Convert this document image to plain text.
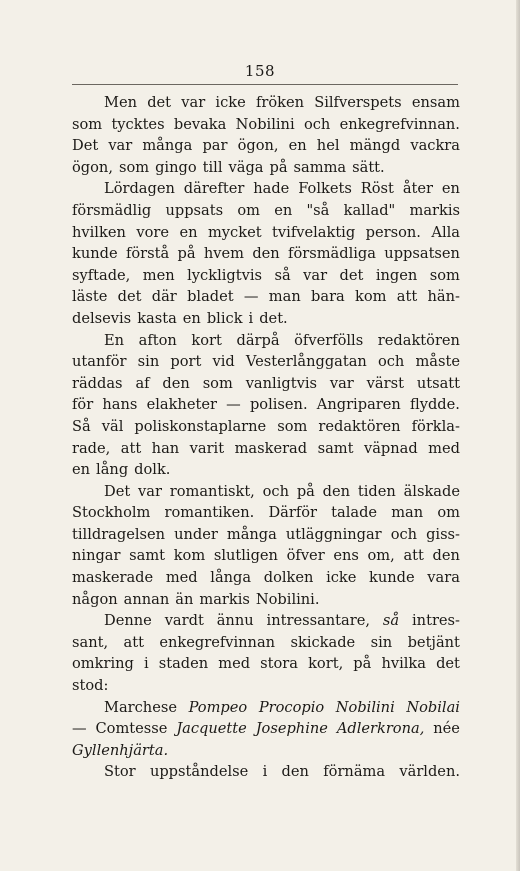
158
Men det var icke fröken Silfverspets ensam
som tycktes bevaka Nobilini och enkegrefvinnan.
Det var många par ögon, en hel mängd vackra
ögon, som gingo till väga på samma sätt.
Lördagen därefter hade Folkets Röst åter en
försmädlig uppsats om en "så kallad" markis
hvilken vore en mycket tvifvelaktig person. Alla
kunde förstå på hvem den försmädliga uppsatsen
syftade, men lyckligtvis så var det ingen som
läste det där bladet — man bara kom att hän-
delsevis kasta en blick i det.
En afton kort därpå öfverfölls redaktören
utanför sin port vid Vesterlånggatan och måste
räddas af den som vanligtvis var värst utsatt
för hans elakheter — polisen. Angriparen flydde.
Så väl poliskonstaplarne som redaktören förkla-
rade, att han varit maskerad samt väpnad med
en lång dolk.
Det var romantiskt, och på den tiden älskade
Stockholm romantiken. Därför talade man om
tilldragelsen under många utläggningar och giss-
ningar samt kom slutligen öfver ens om, att den
maskerade med långa dolken icke kunde vara
någon annan än markis Nobilini.
Denne vardt ännu intressantare, så intres-
sant, att enkegrefvinnan skickade sin betjänt
omkring i staden med stora kort, på hvilka det
stod:
Marchese Pompeo Procopio Nobilini Nobilai
— Comtesse Jacquette Josephine Adlerkrona, née
Gyllenhjärta.
Stor uppståndelse i den förnäma världen.
